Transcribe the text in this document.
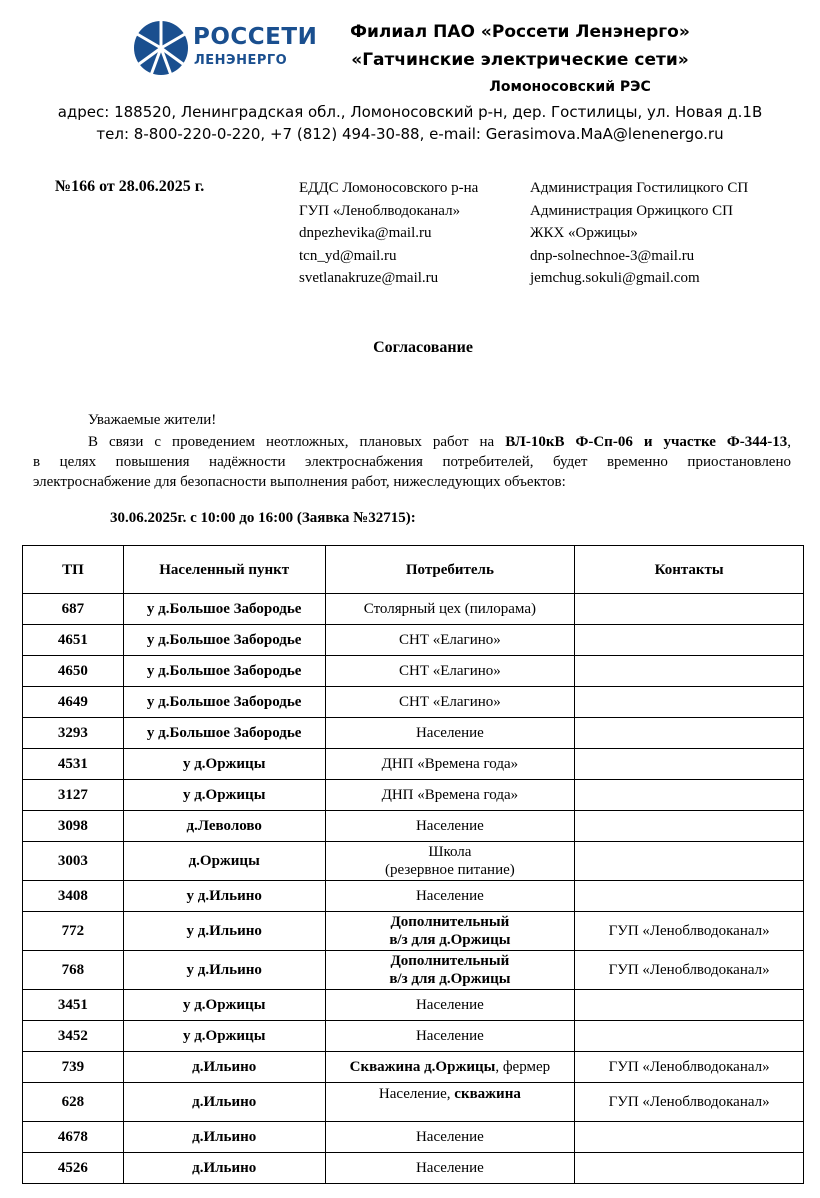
РОССЕТИ
ЛЕНЭНЕРГО
Филиал ПАО «Россети Ленэнерго»
«Гатчинские электрические сети»
Ломоносовский РЭС
адрес: 188520, Ленинградская обл., Ломоносовский р-н, дер. Гостилицы, ул. Новая д.1В
тел: 8-800-220-0-220, +7 (812) 494-30-88, e-mail: Gerasimova.MaA@lenenergo.ru
№166 от 28.06.2025 г.	ЕДДС Ломоносовского р-на
ГУП «Леноблводоканал»
dnpezhevika@mail.ru
tcn_yd@mail.ru
svetlanakruze@mail.ru
Администрация Гостилицкого СП
Администрация Оржицкого СП
ЖКХ «Оржицы»
dnp-solnechnoe-3@mail.ru
jemchug.sokuli@gmail.com
Согласование
Уважаемые жители!
В связи с проведением неотложных, плановых работ на ВЛ-10кВ Ф-Сп-06 и участке Ф-344-13,
в целях повышения надёжности электроснабжения потребителей, будет временно приостановлено
электроснабжение для безопасности выполнения работ, нижеследующих объектов:
30.06.2025г. с 10:00 до 16:00 (Заявка №32715):
ТП	Населенный пункт	Потребитель	Контакты
687	у д.Большое Забородье	Столярный цех (пилорама)	
4651	у д.Большое Забородье	СНТ «Елагино»	
4650	у д.Большое Забородье	СНТ «Елагино»	
4649	у д.Большое Забородье	СНТ «Елагино»	
3293	у д.Большое Забородье	Население	
4531	у д.Оржицы	ДНП «Времена года»	
3127	у д.Оржицы	ДНП «Времена года»	
3098	д.Леволово	Население	
3003	д.Оржицы	Школа
(резервное питание)	
3408	у д.Ильино	Население	
772	у д.Ильино	Дополнительный
в/з для д.Оржицы	ГУП «Леноблводоканал»
768	у д.Ильино	Дополнительный
в/з для д.Оржицы	ГУП «Леноблводоканал»
3451	у д.Оржицы	Население	
3452	у д.Оржицы	Население	
739	д.Ильино	Скважина д.Оржицы, фермер	ГУП «Леноблводоканал»
628	д.Ильино	Население, скважина	ГУП «Леноблводоканал»
4678	д.Ильино	Население	
4526	д.Ильино	Население	
